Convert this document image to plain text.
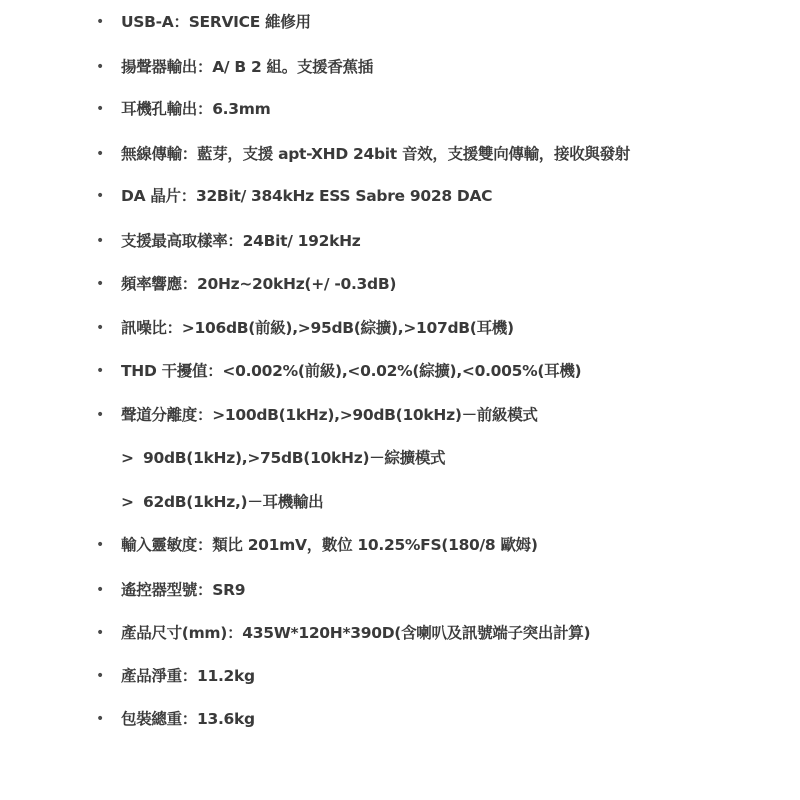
• USB-A：SERVICE 維修用
• 揚聲器輸出：A/ B 2 組。支援香蕉插
• 耳機孔輸出：6.3mm
• 無線傳輸：藍芽，支援 apt-XHD 24bit 音效，支援雙向傳輸，接收與發射
• DA 晶片：32Bit/ 384kHz ESS Sabre 9028 DAC
• 支援最高取樣率：24Bit/ 192kHz
• 頻率響應：20Hz~20kHz(+/ -0.3dB)
• 訊噪比：>106dB(前級),>95dB(綜擴),>107dB(耳機)
• THD 干擾值：<0.002%(前級),<0.02%(綜擴),<0.005%(耳機)
• 聲道分離度：>100dB(1kHz),>90dB(10kHz)－前級模式
> 90dB(1kHz),>75dB(10kHz)－綜擴模式
> 62dB(1kHz,)－耳機輸出
• 輸入靈敏度：類比 201mV，數位 10.25%FS(180/8 歐姆)
• 遙控器型號：SR9
• 產品尺寸(mm)：435W*120H*390D(含喇叭及訊號端子突出計算)
• 產品淨重：11.2kg
• 包裝總重：13.6kg
